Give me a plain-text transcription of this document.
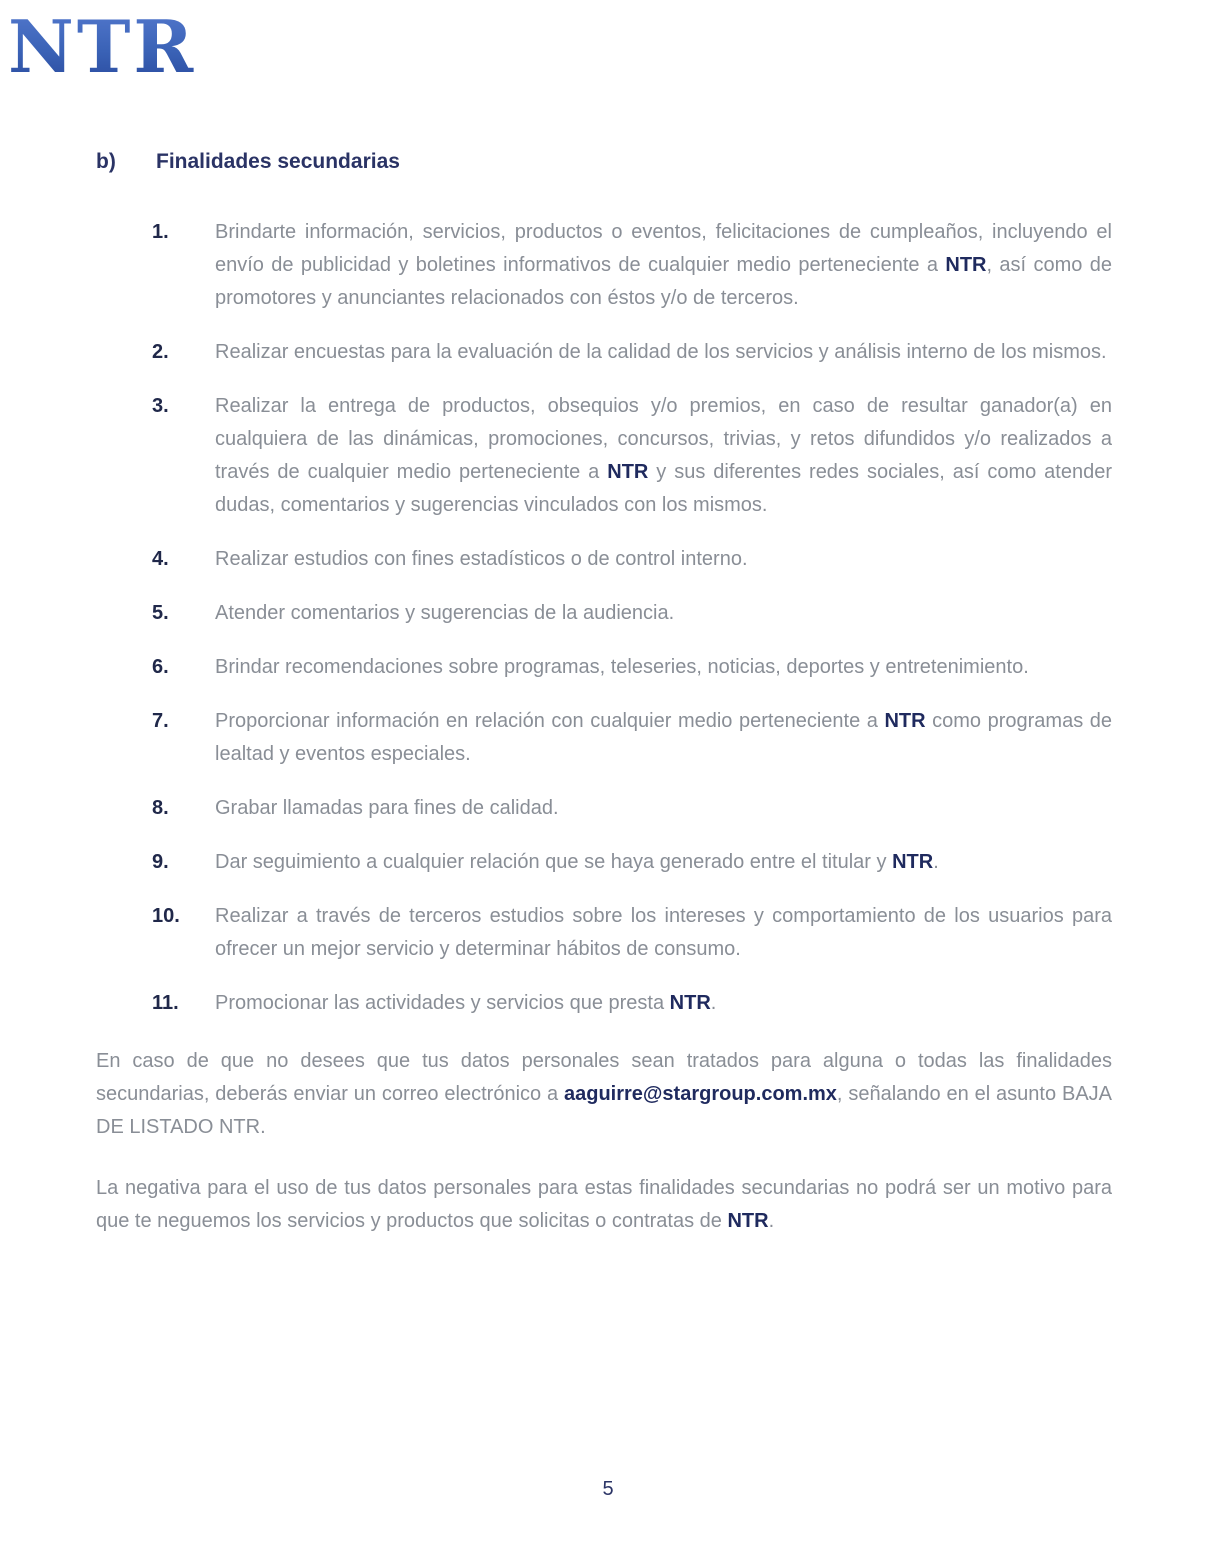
NTR
b)	Finalidades secundarias
1.	Brindarte información, servicios, productos o eventos, felicitaciones de cumpleaños, incluyendo el envío de publicidad y boletines informativos de cualquier medio perteneciente a NTR, así como de promotores y anunciantes relacionados con éstos y/o de terceros.
2.	Realizar encuestas para la evaluación de la calidad de los servicios y análisis interno de los mismos.
3.	Realizar la entrega de productos, obsequios y/o premios, en caso de resultar ganador(a) en cualquiera de las dinámicas, promociones, concursos, trivias, y retos difundidos y/o realizados a través de cualquier medio perteneciente a NTR y sus diferentes redes sociales, así como atender dudas, comentarios y sugerencias vinculados con los mismos.
4.	Realizar estudios con fines estadísticos o de control interno.
5.	Atender comentarios y sugerencias de la audiencia.
6.	Brindar recomendaciones sobre programas, teleseries, noticias, deportes y entretenimiento.
7.	Proporcionar información en relación con cualquier medio perteneciente a NTR como programas de lealtad y eventos especiales.
8.	Grabar llamadas para fines de calidad.
9.	Dar seguimiento a cualquier relación que se haya generado entre el titular y NTR.
10.	Realizar a través de terceros estudios sobre los intereses y comportamiento de los usuarios para ofrecer un mejor servicio y determinar hábitos de consumo.
11.	Promocionar las actividades y servicios que presta NTR.

En caso de que no desees que tus datos personales sean tratados para alguna o todas las finalidades secundarias, deberás enviar un correo electrónico a aaguirre@stargroup.com.mx, señalando en el asunto BAJA DE LISTADO NTR.

La negativa para el uso de tus datos personales para estas finalidades secundarias no podrá ser un motivo para que te neguemos los servicios y productos que solicitas o contratas de NTR.

5
